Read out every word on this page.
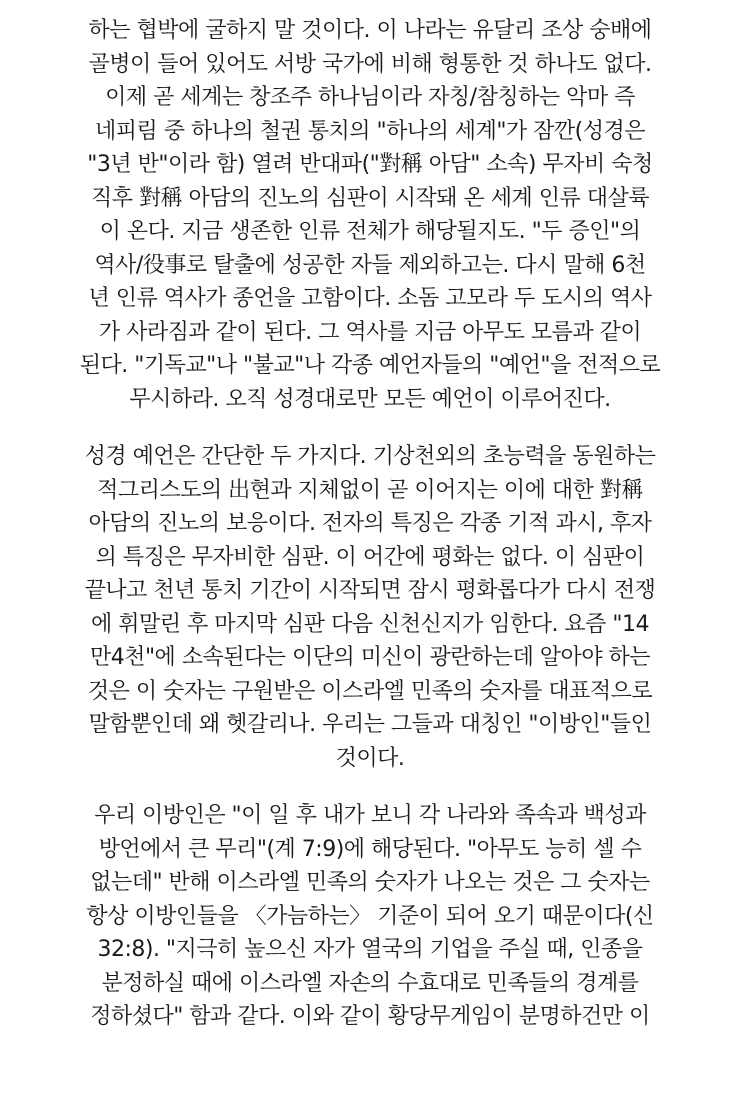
하는 협박에 굴하지 말 것이다. 이 나라는 유달리 조상 숭배에
골병이 들어 있어도 서방 국가에 비해 형통한 것 하나도 없다.
이제 곧 세계는 창조주 하나님이라 자칭/참칭하는 악마 즉
네피림 중 하나의 철권 통치의 "하나의 세계"가 잠깐(성경은
"3년 반"이라 함) 열려 반대파("對稱 아담" 소속) 무자비 숙청
직후 對稱 아담의 진노의 심판이 시작돼 온 세계 인류 대살륙
이 온다. 지금 생존한 인류 전체가 해당될지도. "두 증인"의
역사/役事로 탈출에 성공한 자들 제외하고는. 다시 말해 6천
년 인류 역사가 종언을 고함이다. 소돔 고모라 두 도시의 역사
가 사라짐과 같이 된다. 그 역사를 지금 아무도 모름과 같이
된다. "기독교"나 "불교"나 각종 예언자들의 "예언"을 전적으로
무시하라. 오직 성경대로만 모든 예언이 이루어진다.
성경 예언은 간단한 두 가지다. 기상천외의 초능력을 동원하는
적그리스도의 出현과 지체없이 곧 이어지는 이에 대한 對稱
아담의 진노의 보응이다. 전자의 특징은 각종 기적 과시, 후자
의 특징은 무자비한 심판. 이 어간에 평화는 없다. 이 심판이
끝나고 천년 통치 기간이 시작되면 잠시 평화롭다가 다시 전쟁
에 휘말린 후 마지막 심판 다음 신천신지가 임한다. 요즘 "14
만4천"에 소속된다는 이단의 미신이 광란하는데 알아야 하는
것은 이 숫자는 구원받은 이스라엘 민족의 숫자를 대표적으로
말함뿐인데 왜 헷갈리나. 우리는 그들과 대칭인 "이방인"들인
것이다.
우리 이방인은 "이 일 후 내가 보니 각 나라와 족속과 백성과
방언에서 큰 무리"(계 7:9)에 해당된다. "아무도 능히 셀 수
없는데" 반해 이스라엘 민족의 숫자가 나오는 것은 그 숫자는
항상 이방인들을 〈가늠하는〉 기준이 되어 오기 때문이다(신
32:8). "지극히 높으신 자가 열국의 기업을 주실 때, 인종을
분정하실 때에 이스라엘 자손의 수효대로 민족들의 경계를
정하셨다" 함과 같다. 이와 같이 황당무게임이 분명하건만 이
